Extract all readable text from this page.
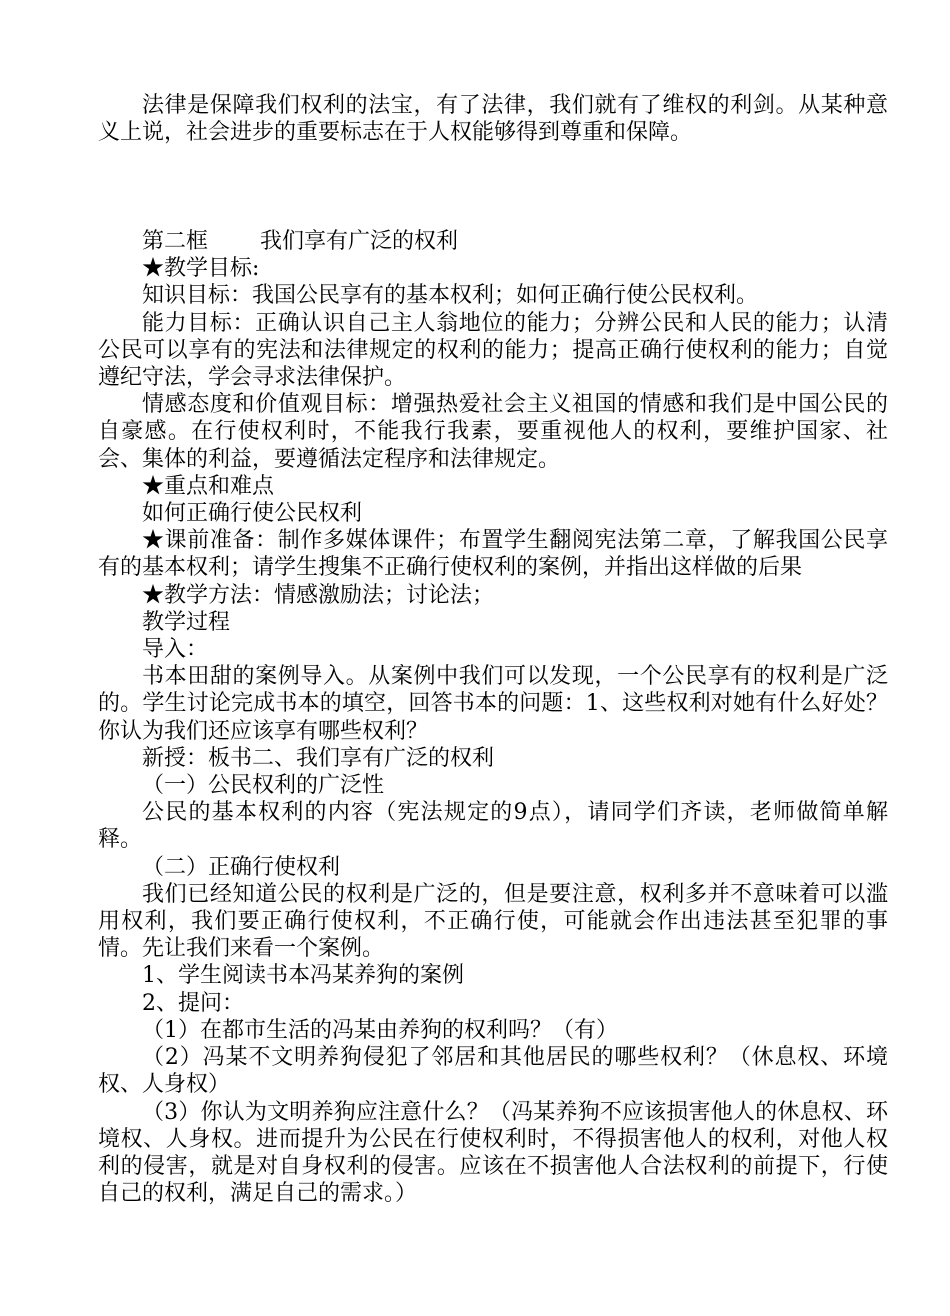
法律是保障我们权利的法宝，有了法律，我们就有了维权的利剑。从某种意义上说，社会进步的重要标志在于人权能够得到尊重和保障。

第二框 我们享有广泛的权利

★教学目标:

知识目标：我国公民享有的基本权利；如何正确行使公民权利。

能力目标：正确认识自己主人翁地位的能力；分辨公民和人民的能力；认清公民可以享有的宪法和法律规定的权利的能力；提高正确行使权利的能力；自觉遵纪守法，学会寻求法律保护。

情感态度和价值观目标：增强热爱社会主义祖国的情感和我们是中国公民的自豪感。在行使权利时，不能我行我素，要重视他人的权利，要维护国家、社会、集体的利益，要遵循法定程序和法律规定。

★重点和难点

如何正确行使公民权利

★课前准备：制作多媒体课件；布置学生翻阅宪法第二章，了解我国公民享有的基本权利；请学生搜集不正确行使权利的案例，并指出这样做的后果

★教学方法：情感激励法；讨论法；

教学过程

导入：

书本田甜的案例导入。从案例中我们可以发现，一个公民享有的权利是广泛的。学生讨论完成书本的填空，回答书本的问题：1、这些权利对她有什么好处？你认为我们还应该享有哪些权利？

新授：板书二、我们享有广泛的权利

（一）公民权利的广泛性

公民的基本权利的内容（宪法规定的9点），请同学们齐读，老师做简单解释。

（二）正确行使权利

我们已经知道公民的权利是广泛的，但是要注意，权利多并不意味着可以滥用权利，我们要正确行使权利，不正确行使，可能就会作出违法甚至犯罪的事情。先让我们来看一个案例。

1、学生阅读书本冯某养狗的案例

2、提问：

（1）在都市生活的冯某由养狗的权利吗？（有）

（2）冯某不文明养狗侵犯了邻居和其他居民的哪些权利？（休息权、环境权、人身权）

（3）你认为文明养狗应注意什么？（冯某养狗不应该损害他人的休息权、环境权、人身权。进而提升为公民在行使权利时，不得损害他人的权利，对他人权利的侵害，就是对自身权利的侵害。应该在不损害他人合法权利的前提下，行使自己的权利，满足自己的需求。）
